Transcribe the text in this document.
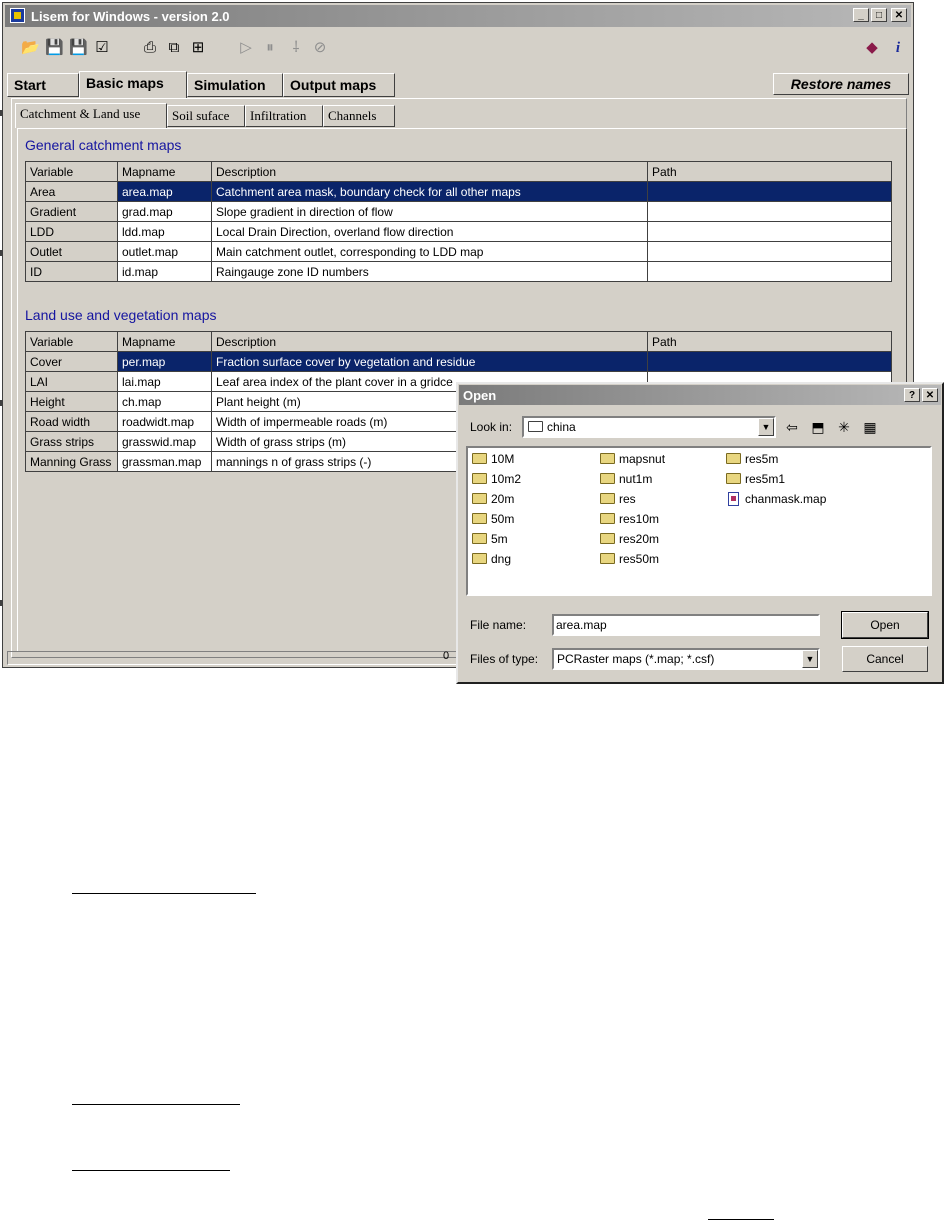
Lisem for Windows - version 2.0	_	□	✕
📂 💾 💾 ☑ ⎙ ⧉ ⊞ ▷ ⏸	⸸ ⊘	◆	i
Start	Basic maps	Simulation	Output maps	Restore names
Catchment & Land use	Soil suface	Infiltration	Channels
General catchment maps
Variable	Mapname	Description	Path
Area	area.map	Catchment area mask, boundary check for all other maps	
Gradient	grad.map	Slope gradient in direction of flow	
LDD	ldd.map	Local Drain Direction, overland flow direction	
Outlet	outlet.map	Main catchment outlet, corresponding to LDD map	
ID	id.map	Raingauge zone ID numbers	
Land use and vegetation maps
Variable	Mapname	Description	Path
Cover	per.map	Fraction surface cover by vegetation and residue	
LAI	lai.map	Leaf area index of the plant cover in a gridce	
Height	ch.map	Plant height (m)	
Road width	roadwidt.map	Width of impermeable roads (m)	
Grass strips	grasswid.map	Width of grass strips (m)	
Manning Grass	grassman.map	mannings n of grass strips (-)	
0
Open	?	✕
Look in:	china	▼ ⇦ ⬒ ✳ ▦
10M
10m2
20m
50m
5m
dng
mapsnut
nut1m
res
res10m
res20m
res50m
res5m
res5m1
chanmask.map
File name:	area.map	Open
Files of type:	PCRaster maps (*.map; *.csf)	▼	Cancel
